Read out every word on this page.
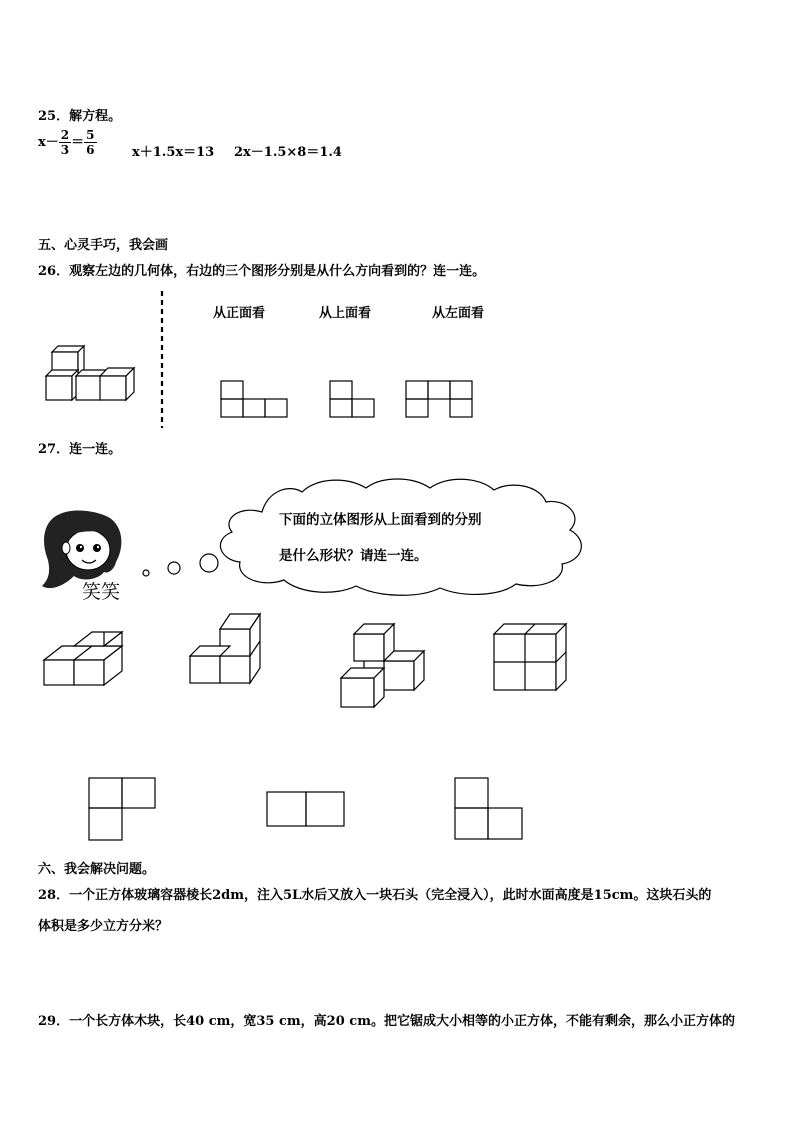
25．解方程。
$x- \frac{2}{3} = \frac{5}{6}$	x＋1.5x＝13 2x－1.5×8＝1.4
五、心灵手巧，我会画
26．观察左边的几何体，右边的三个图形分别是从什么方向看到的？连一连。
从正面看	从上面看	从左面看
27．连一连。
下面的立体图形从上面看到的分别
是什么形状？请连一连。
笑笑
六、我会解决问题。
28．一个正方体玻璃容器棱长2dm，注入5L水后又放入一块石头（完全浸入），此时水面高度是15cm。这块石头的
体积是多少立方分米？
29．一个长方体木块，长40 cm，宽35 cm，高20 cm。把它锯成大小相等的小正方体，不能有剩余，那么小正方体的
